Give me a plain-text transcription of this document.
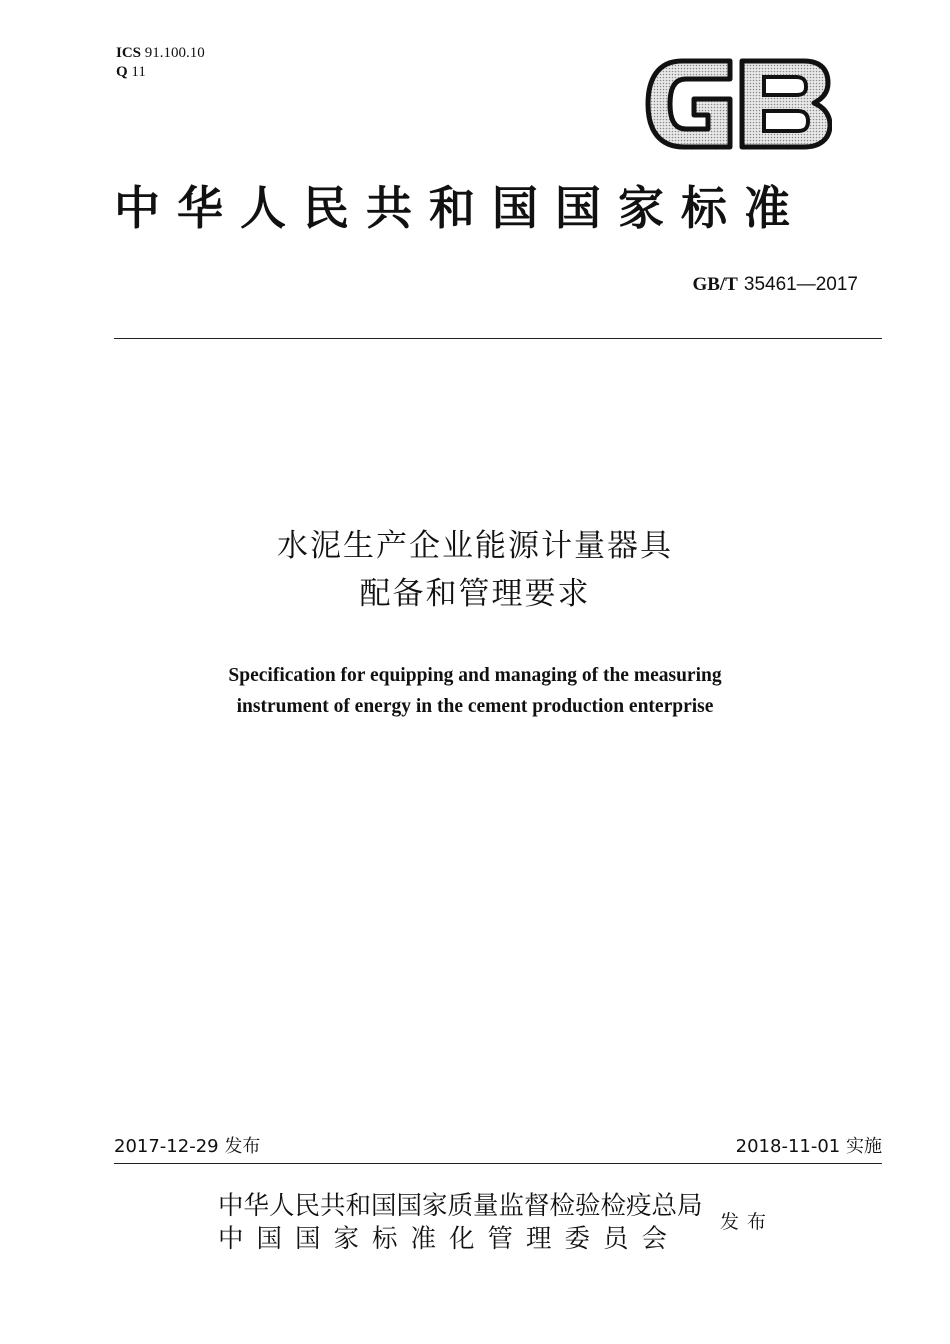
ICS 91.100.10
Q 11
中华人民共和国国家标准
GB/T 35461—2017
水泥生产企业能源计量器具
配备和管理要求
Specification for equipping and managing of the measuring
instrument of energy in the cement production enterprise
2017-12-29 发布	2018-11-01 实施
中华人民共和国国家质量监督检验检疫总局
中国国家标准化管理委员会
发布
